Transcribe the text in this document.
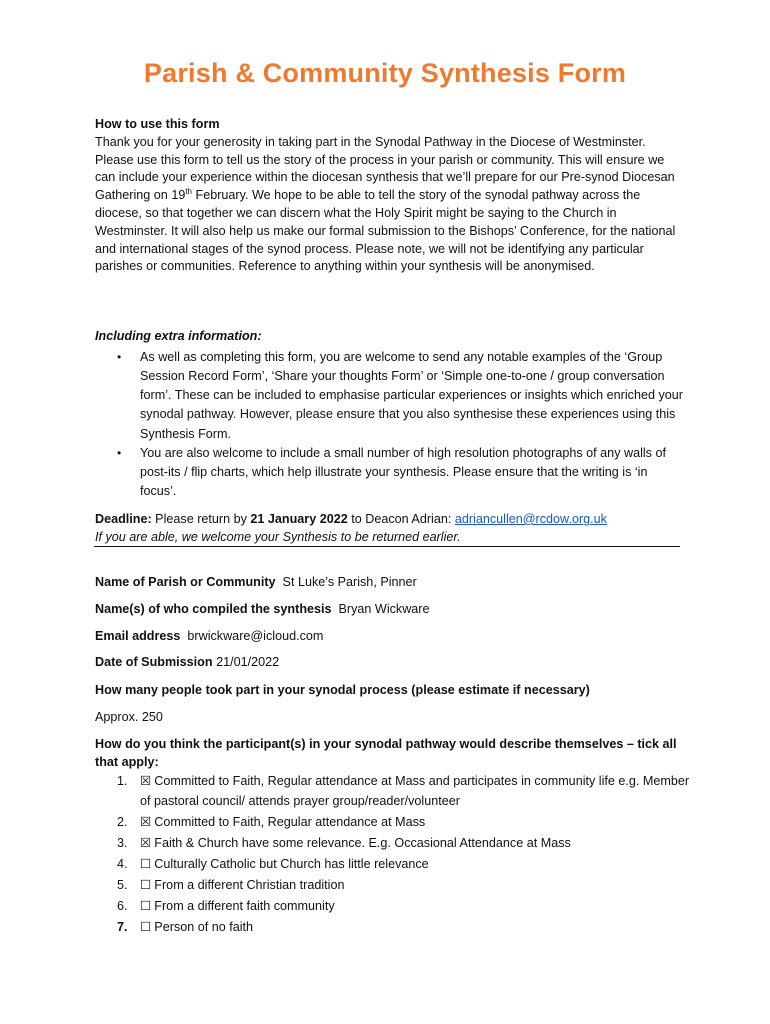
Parish & Community Synthesis Form
How to use this form
Thank you for your generosity in taking part in the Synodal Pathway in the Diocese of Westminster. Please use this form to tell us the story of the process in your parish or community. This will ensure we can include your experience within the diocesan synthesis that we’ll prepare for our Pre-synod Diocesan Gathering on 19th February. We hope to be able to tell the story of the synodal pathway across the diocese, so that together we can discern what the Holy Spirit might be saying to the Church in Westminster. It will also help us make our formal submission to the Bishops’ Conference, for the national and international stages of the synod process. Please note, we will not be identifying any particular parishes or communities. Reference to anything within your synthesis will be anonymised.
Including extra information:
• As well as completing this form, you are welcome to send any notable examples of the ‘Group Session Record Form’, ‘Share your thoughts Form’ or ‘Simple one-to-one / group conversation form’. These can be included to emphasise particular experiences or insights which enriched your synodal pathway. However, please ensure that you also synthesise these experiences using this Synthesis Form.
• You are also welcome to include a small number of high resolution photographs of any walls of post-its / flip charts, which help illustrate your synthesis. Please ensure that the writing is ‘in focus’.
Deadline: Please return by 21 January 2022 to Deacon Adrian: adriancullen@rcdow.org.uk
If you are able, we welcome your Synthesis to be returned earlier.
Name of Parish or Community St Luke’s Parish, Pinner
Name(s) of who compiled the synthesis Bryan Wickware
Email address brwickware@icloud.com
Date of Submission 21/01/2022
How many people took part in your synodal process (please estimate if necessary)
Approx. 250
How do you think the participant(s) in your synodal pathway would describe themselves – tick all that apply:
1. ☒ Committed to Faith, Regular attendance at Mass and participates in community life e.g. Member of pastoral council/ attends prayer group/reader/volunteer
2. ☒ Committed to Faith, Regular attendance at Mass
3. ☒ Faith & Church have some relevance. E.g. Occasional Attendance at Mass
4. ☐ Culturally Catholic but Church has little relevance
5. ☐ From a different Christian tradition
6. ☐ From a different faith community
7. ☐ Person of no faith
